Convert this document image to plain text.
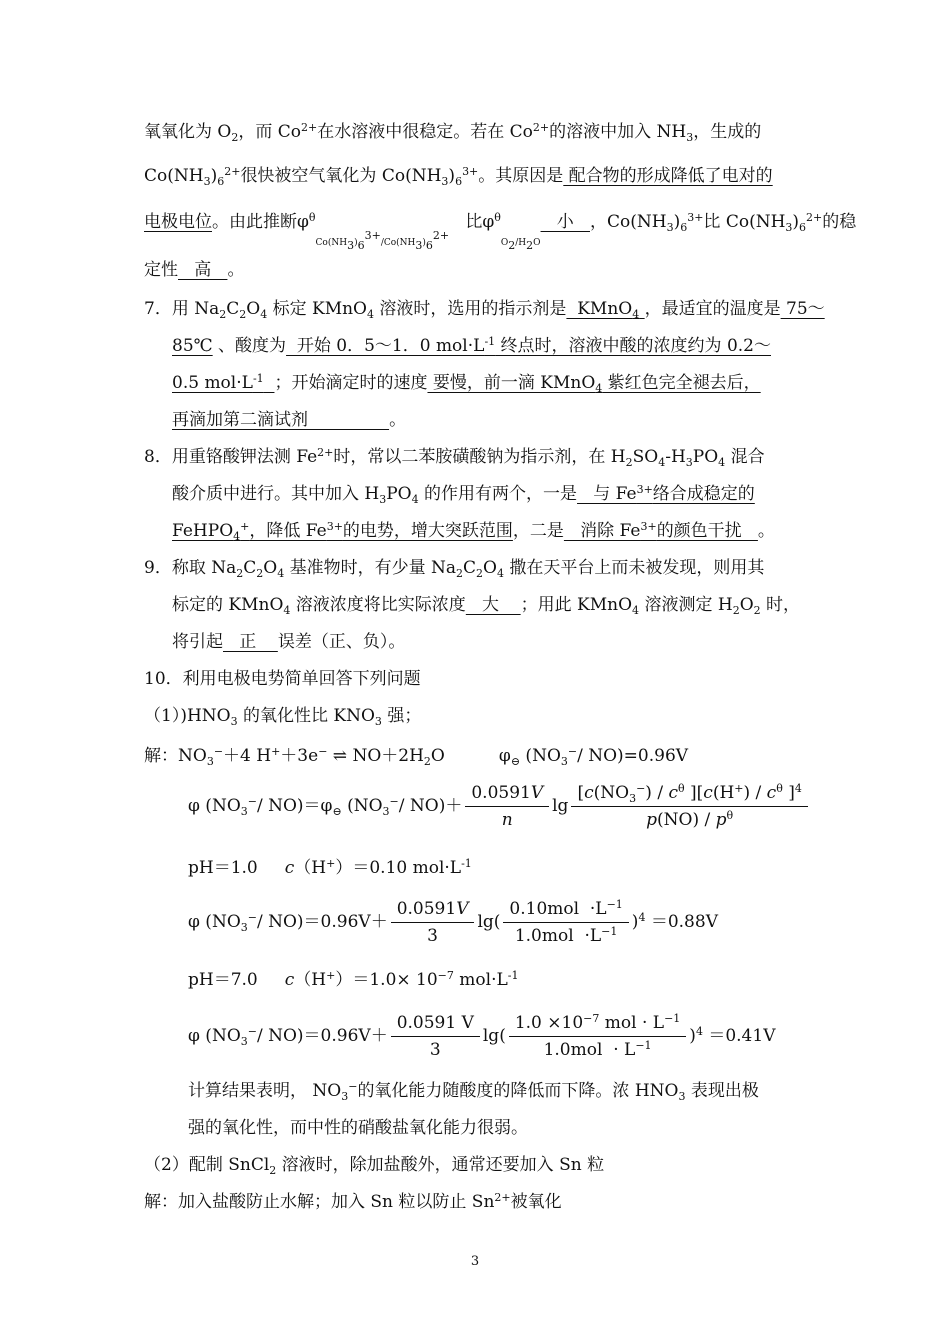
氧氧化为 $O_2$，而 $Co^{2+}$在水溶液中很稳定。若在 $Co^{2+}$的溶液中加入 $NH_3$，生成的
$Co(NH_3)_6^{2+}$很快被空气氧化为 $Co(NH_3)_6^{3+}$。其原因是 配合物的形成降低了电对的
电极电位。由此推断$\varphi^\theta_{Co(NH_3)_6^{3+}/Co(NH_3)_6^{2+}}$   比$\varphi^\theta_{O_2/H_2O}$   小   ，$Co(NH_3)_6^{3+}$比 $Co(NH_3)_6^{2+}$的稳
定性   高   。
7．用 $Na_2C_2O_4$ 标定 KMnO$_4$ 溶液时，选用的指示剂是  KMnO$_4$ ，最适宜的温度是 75～
85℃ 、酸度为  开始 0．5～1．0 $mol\cdot L^{-1}$ 终点时，溶液中酸的浓度约为 0.2～
0.5 $mol\cdot L^{-1}$ ；开始滴定时的速度 要慢，前一滴 KMnO$_4$ 紫红色完全褪去后，
再滴加第二滴试剂               。
8．用重铬酸钾法测 $Fe^{2+}$时，常以二苯胺磺酸钠为指示剂，在 $H_2SO_4-H_3PO_4$ 混合
酸介质中进行。其中加入 $H_3PO_4$ 的作用有两个，一是   与 $Fe^{3+}$络合成稳定的
FeHPO$_4$+，降低 $Fe^{3+}$的电势，增大突跃范围，二是   消除 $Fe^{3+}$的颜色干扰   。
9．称取 $Na_2C_2O_4$ 基准物时，有少量 $Na_2C_2O_4$ 撒在天平台上而未被发现，则用其
标定的 KMnO$_4$ 溶液浓度将比实际浓度   大    ；用此 KMnO$_4$ 溶液测定 $H_2O_2$ 时，
将引起   正    误差（正、负）。
10．利用电极电势简单回答下列问题
$(1))HNO_3$ 的氧化性比 $KNO_3$ 强；
解：$NO_3^-+4$ H+＋3e− ⇌ $NO+2H_2O$          $\varphi_⊖$ ($NO_3^-/$ NO)=0.96V
φ ($NO_3^-/$ $NO)=\varphi_⊖$ ($NO_3^-/$ $NO)+ \frac{0.0591V}{n}$ $\lg \frac{[c(NO_3^-) / c^\theta ][c(H^+) / c^\theta ]^4}{p(NO) / p^\theta}$
pH＝1.0     c（H+）＝0.10 $mol\cdot L^{-1}$
φ ($NO_3^-/$ $NO)=0.96V+ \frac{0.0591V}{3} \lg( \frac{0.10mol \cdot L^{-1}}{1.0mol \cdot L^{-1}} )^4 =0.88V$
pH＝7.0     $c(H^+)=1.0\times 10^{-7}$ $mol\cdot L^{-1}$
φ ($NO_3^-/$ $NO)=0.96V+ \frac{0.0591 V}{3} \lg( \frac{1.0 \times 10^{-7} mol \cdot L^{-1}}{1.0mol \cdot L^{-1}} )^4 =0.41V$
计算结果表明， $NO_3^-$的氧化能力随酸度的降低而下降。浓 $HNO_3$ 表现出极
强的氧化性，而中性的硝酸盐氧化能力很弱。
（2）配制 SnCl$_2$ 溶液时，除加盐酸外，通常还要加入 Sn 粒
解：加入盐酸防止水解；加入 Sn 粒以防止 $Sn^{2+}$被氧化
3
